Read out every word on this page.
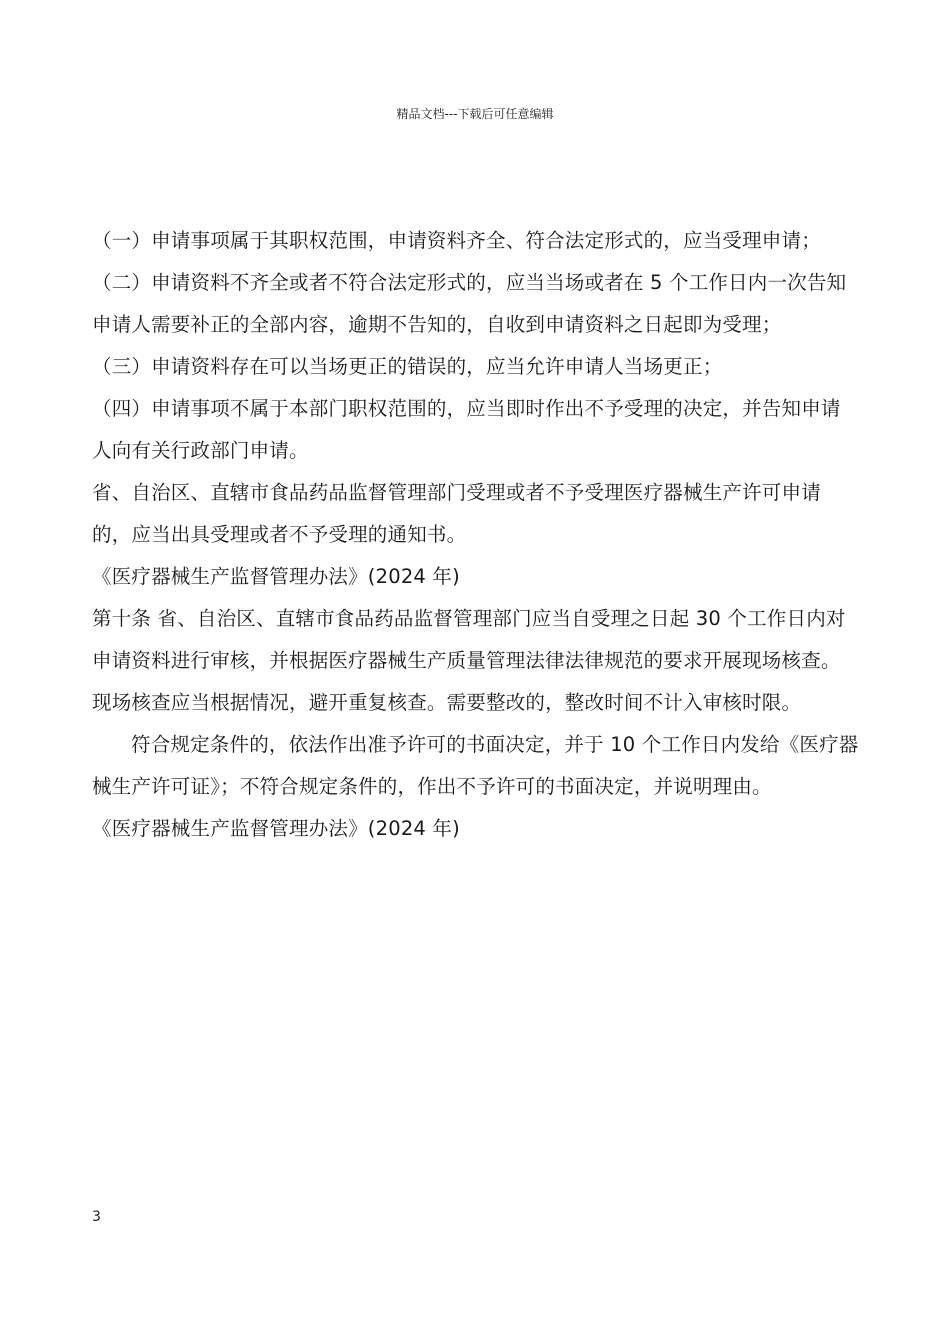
精品文档---下载后可任意编辑

（一）申请事项属于其职权范围，申请资料齐全、符合法定形式的，应当受理申请；

（二）申请资料不齐全或者不符合法定形式的，应当当场或者在 5 个工作日内一次告知申请人需要补正的全部内容，逾期不告知的，自收到申请资料之日起即为受理；

（三）申请资料存在可以当场更正的错误的，应当允许申请人当场更正；

（四）申请事项不属于本部门职权范围的，应当即时作出不予受理的决定，并告知申请人向有关行政部门申请。

省、自治区、直辖市食品药品监督管理部门受理或者不予受理医疗器械生产许可申请的，应当出具受理或者不予受理的通知书。

《医疗器械生产监督管理办法》(2024 年)

第十条 省、自治区、直辖市食品药品监督管理部门应当自受理之日起 30 个工作日内对申请资料进行审核，并根据医疗器械生产质量管理法律法律规范的要求开展现场核查。现场核查应当根据情况，避开重复核查。需要整改的，整改时间不计入审核时限。

符合规定条件的，依法作出准予许可的书面决定，并于 10 个工作日内发给《医疗器械生产许可证》；不符合规定条件的，作出不予许可的书面决定，并说明理由。

《医疗器械生产监督管理办法》(2024 年)

3
